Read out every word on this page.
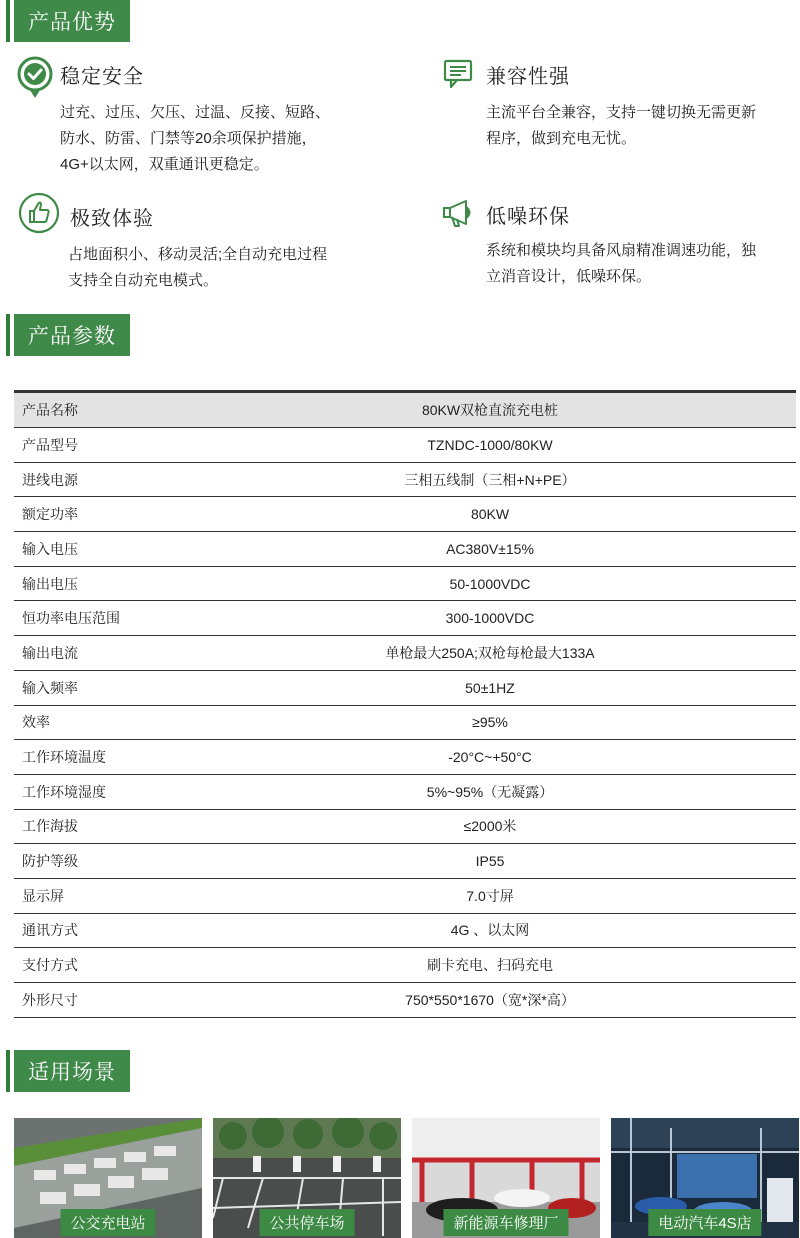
产品优势
稳定安全
过充、过压、欠压、过温、反接、短路、
防水、防雷、门禁等20余项保护措施，
4G+以太网，双重通讯更稳定。
兼容性强
主流平台全兼容，支持一键切换无需更新
程序，做到充电无忧。
极致体验
占地面积小、移动灵活;全自动充电过程
支持全自动充电模式。
低噪环保
系统和模块均具备风扇精准调速功能，独
立消音设计，低噪环保。
产品参数
产品名称	80KW双枪直流充电桩
产品型号	TZNDC-1000/80KW
进线电源	三相五线制（三相+N+PE）
额定功率	80KW
输入电压	AC380V±15%
输出电压	50-1000VDC
恒功率电压范围	300-1000VDC
输出电流	单枪最大250A;双枪每枪最大133A
输入频率	50±1HZ
效率	≥95%
工作环境温度	-20°C~+50°C
工作环境湿度	5%~95%（无凝露）
工作海拔	≤2000米
防护等级	IP55
显示屏	7.0寸屏
通讯方式	4G 、以太网
支付方式	刷卡充电、扫码充电
外形尺寸	750*550*1670（宽*深*高）
适用场景
公交充电站	公共停车场	新能源车修理厂	电动汽车4S店
